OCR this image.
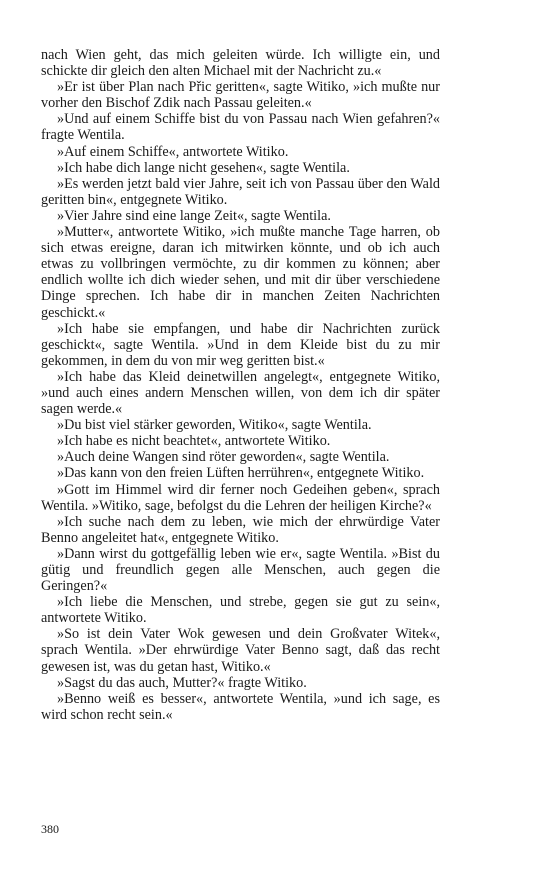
nach Wien geht, das mich geleiten würde. Ich willigte ein, und schickte dir gleich den alten Michael mit der Nachricht zu.«

»Er ist über Plan nach Přic geritten«, sagte Witiko, »ich mußte nur vorher den Bischof Zdik nach Passau geleiten.«

»Und auf einem Schiffe bist du von Passau nach Wien gefahren?« fragte Wentila.

»Auf einem Schiffe«, antwortete Witiko.

»Ich habe dich lange nicht gesehen«, sagte Wentila.

»Es werden jetzt bald vier Jahre, seit ich von Passau über den Wald geritten bin«, entgegnete Witiko.

»Vier Jahre sind eine lange Zeit«, sagte Wentila.

»Mutter«, antwortete Witiko, »ich mußte manche Tage harren, ob sich etwas ereigne, daran ich mitwirken könnte, und ob ich auch etwas zu vollbringen vermöchte, zu dir kommen zu können; aber endlich wollte ich dich wieder sehen, und mit dir über verschiedene Dinge sprechen. Ich habe dir in manchen Zeiten Nachrichten geschickt.«

»Ich habe sie empfangen, und habe dir Nachrichten zurück geschickt«, sagte Wentila. »Und in dem Kleide bist du zu mir gekommen, in dem du von mir weg geritten bist.«

»Ich habe das Kleid deinetwillen angelegt«, entgegnete Witiko, »und auch eines andern Menschen willen, von dem ich dir später sagen werde.«

»Du bist viel stärker geworden, Witiko«, sagte Wentila.

»Ich habe es nicht beachtet«, antwortete Witiko.

»Auch deine Wangen sind röter geworden«, sagte Wentila.

»Das kann von den freien Lüften herrühren«, entgegnete Witiko.

»Gott im Himmel wird dir ferner noch Gedeihen geben«, sprach Wentila. »Witiko, sage, befolgst du die Lehren der heiligen Kirche?«

»Ich suche nach dem zu leben, wie mich der ehrwürdige Vater Benno angeleitet hat«, entgegnete Witiko.

»Dann wirst du gottgefällig leben wie er«, sagte Wentila. »Bist du gütig und freundlich gegen alle Menschen, auch gegen die Geringen?«

»Ich liebe die Menschen, und strebe, gegen sie gut zu sein«, antwortete Witiko.

»So ist dein Vater Wok gewesen und dein Großvater Witek«, sprach Wentila. »Der ehrwürdige Vater Benno sagt, daß das recht gewesen ist, was du getan hast, Witiko.«

»Sagst du das auch, Mutter?« fragte Witiko.

»Benno weiß es besser«, antwortete Wentila, »und ich sage, es wird schon recht sein.«

380
